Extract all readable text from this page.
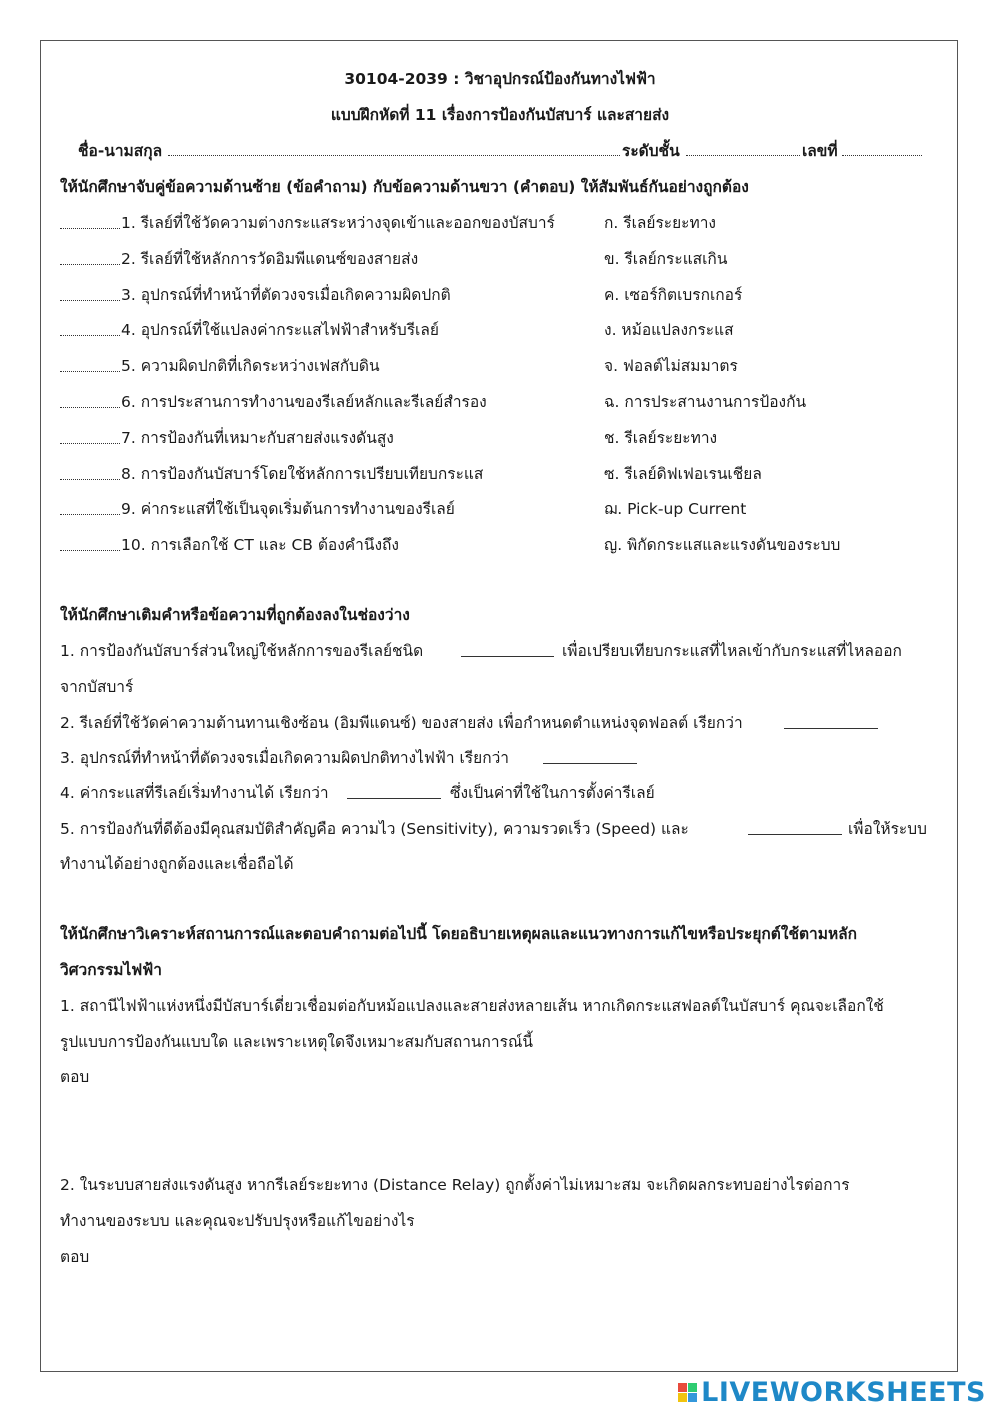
30104-2039 : วิชาอุปกรณ์ป้องกันทางไฟฟ้า
แบบฝึกหัดที่ 11 เรื่องการป้องกันบัสบาร์ และสายส่ง
ชื่อ-นามสกุล	ระดับชั้น	เลขที่
ให้นักศึกษาจับคู่ข้อความด้านซ้าย (ข้อคำถาม) กับข้อความด้านขวา (คำตอบ) ให้สัมพันธ์กันอย่างถูกต้อง
1. รีเลย์ที่ใช้วัดความต่างกระแสระหว่างจุดเข้าและออกของบัสบาร์	ก. รีเลย์ระยะทาง
2. รีเลย์ที่ใช้หลักการวัดอิมพีแดนซ์ของสายส่ง	ข. รีเลย์กระแสเกิน
3. อุปกรณ์ที่ทำหน้าที่ตัดวงจรเมื่อเกิดความผิดปกติ	ค. เซอร์กิตเบรกเกอร์
4. อุปกรณ์ที่ใช้แปลงค่ากระแสไฟฟ้าสำหรับรีเลย์	ง. หม้อแปลงกระแส
5. ความผิดปกติที่เกิดระหว่างเฟสกับดิน	จ. ฟอลต์ไม่สมมาตร
6. การประสานการทำงานของรีเลย์หลักและรีเลย์สำรอง	ฉ. การประสานงานการป้องกัน
7. การป้องกันที่เหมาะกับสายส่งแรงดันสูง	ช. รีเลย์ระยะทาง
8. การป้องกันบัสบาร์โดยใช้หลักการเปรียบเทียบกระแส	ซ. รีเลย์ดิฟเฟอเรนเชียล
9. ค่ากระแสที่ใช้เป็นจุดเริ่มต้นการทำงานของรีเลย์	ฌ. Pick-up Current
10. การเลือกใช้ CT และ CB ต้องคำนึงถึง	ญ. พิกัดกระแสและแรงดันของระบบ
ให้นักศึกษาเติมคำหรือข้อความที่ถูกต้องลงในช่องว่าง
1. การป้องกันบัสบาร์ส่วนใหญ่ใช้หลักการของรีเลย์ชนิด	เพื่อเปรียบเทียบกระแสที่ไหลเข้ากับกระแสที่ไหลออก
จากบัสบาร์
2. รีเลย์ที่ใช้วัดค่าความต้านทานเชิงซ้อน (อิมพีแดนซ์) ของสายส่ง เพื่อกำหนดตำแหน่งจุดฟอลต์ เรียกว่า
3. อุปกรณ์ที่ทำหน้าที่ตัดวงจรเมื่อเกิดความผิดปกติทางไฟฟ้า เรียกว่า
4. ค่ากระแสที่รีเลย์เริ่มทำงานได้ เรียกว่า	ซึ่งเป็นค่าที่ใช้ในการตั้งค่ารีเลย์
5. การป้องกันที่ดีต้องมีคุณสมบัติสำคัญคือ ความไว (Sensitivity), ความรวดเร็ว (Speed) และ	เพื่อให้ระบบ
ทำงานได้อย่างถูกต้องและเชื่อถือได้
ให้นักศึกษาวิเคราะห์สถานการณ์และตอบคำถามต่อไปนี้ โดยอธิบายเหตุผลและแนวทางการแก้ไขหรือประยุกต์ใช้ตามหลัก
วิศวกรรมไฟฟ้า
1. สถานีไฟฟ้าแห่งหนึ่งมีบัสบาร์เดี่ยวเชื่อมต่อกับหม้อแปลงและสายส่งหลายเส้น หากเกิดกระแสฟอลต์ในบัสบาร์ คุณจะเลือกใช้
รูปแบบการป้องกันแบบใด และเพราะเหตุใดจึงเหมาะสมกับสถานการณ์นี้
ตอบ
2. ในระบบสายส่งแรงดันสูง หากรีเลย์ระยะทาง (Distance Relay) ถูกตั้งค่าไม่เหมาะสม จะเกิดผลกระทบอย่างไรต่อการ
ทำงานของระบบ และคุณจะปรับปรุงหรือแก้ไขอย่างไร
ตอบ
LIVEWORKSHEETS
